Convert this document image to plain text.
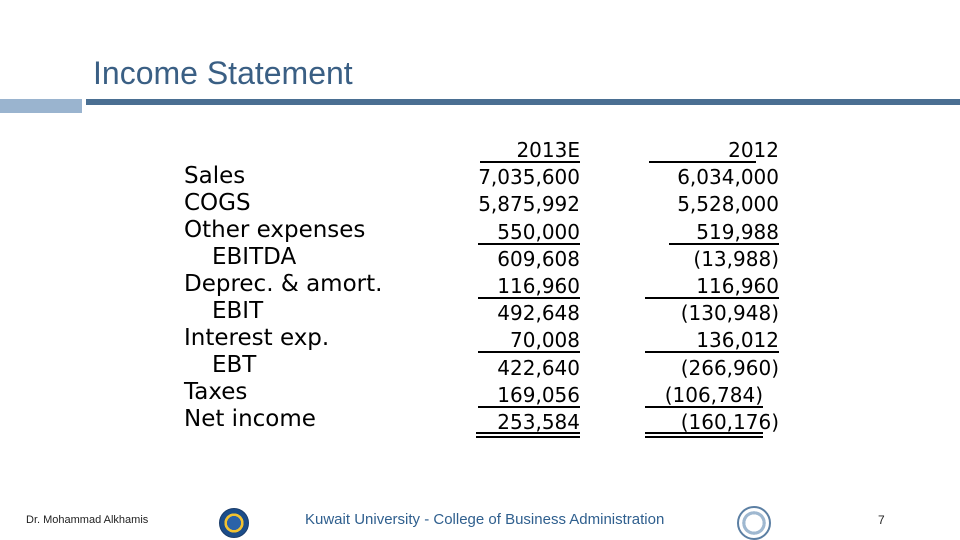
Income Statement
Sales
COGS
Other expenses
EBITDA
Deprec. & amort.
EBIT
Interest exp.
EBT
Taxes
Net income
2013E
7,035,600
5,875,992
550,000
609,608
116,960
492,648
70,008
422,640
169,056
253,584
2012
6,034,000
5,528,000
519,988
(13,988)
116,960
(130,948)
136,012
(266,960)
(106,784)
(160,176)
Dr. Mohammad Alkhamis	Kuwait University - College of Business Administration	7
